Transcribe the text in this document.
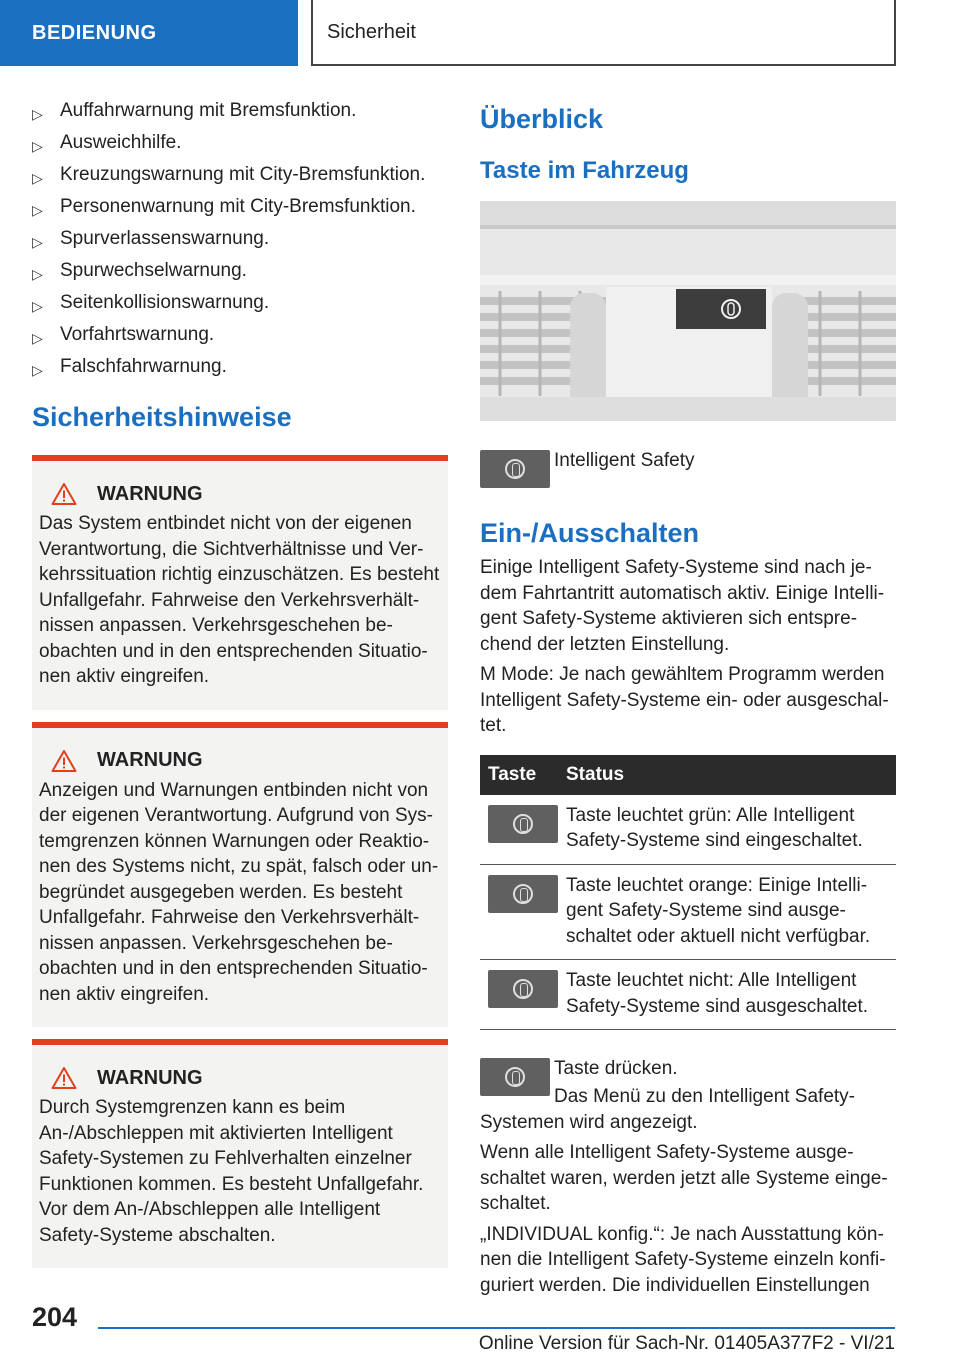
BEDIENUNG	Sicherheit
▷ Auffahrwarnung mit Bremsfunktion.
▷ Ausweichhilfe.
▷ Kreuzungswarnung mit City-Bremsfunktion.
▷ Personenwarnung mit City-Bremsfunktion.
▷ Spurverlassenswarnung.
▷ Spurwechselwarnung.
▷ Seitenkollisionswarnung.
▷ Vorfahrtswarnung.
▷ Falschfahrwarnung.
Sicherheitshinweise
WARNUNG

Das System entbindet nicht von der eigenen Verantwortung, die Sichtverhältnisse und Verkehrssituation richtig einzuschätzen. Es besteht Unfallgefahr. Fahrweise den Verkehrsverhältnissen anpassen. Verkehrsgeschehen beobachten und in den entsprechenden Situationen aktiv eingreifen.

WARNUNG

Anzeigen und Warnungen entbinden nicht von der eigenen Verantwortung. Aufgrund von Systemgrenzen können Warnungen oder Reaktionen des Systems nicht, zu spät, falsch oder unbegründet ausgegeben werden. Es besteht Unfallgefahr. Fahrweise den Verkehrsverhältnissen anpassen. Verkehrsgeschehen beobachten und in den entsprechenden Situationen aktiv eingreifen.

WARNUNG

Durch Systemgrenzen kann es beim An-/Abschleppen mit aktivierten Intelligent Safety-Systemen zu Fehlverhalten einzelner Funktionen kommen. Es besteht Unfallgefahr. Vor dem An-/Abschleppen alle Intelligent Safety-Systeme abschalten.

Überblick
Taste im Fahrzeug
Intelligent Safety
Ein-/Ausschalten

Einige Intelligent Safety-Systeme sind nach jedem Fahrtantritt automatisch aktiv. Einige Intelligent Safety-Systeme aktivieren sich entsprechend der letzten Einstellung.

M Mode: Je nach gewähltem Programm werden Intelligent Safety-Systeme ein- oder ausgeschaltet.

Taste	Status

	Taste leuchtet grün: Alle Intelligent Safety-Systeme sind eingeschaltet.

	Taste leuchtet orange: Einige Intelligent Safety-Systeme sind ausgeschaltet oder aktuell nicht verfügbar.

	Taste leuchtet nicht: Alle Intelligent Safety-Systeme sind ausgeschaltet.

Taste drücken.

Das Menü zu den Intelligent Safety-Systemen wird angezeigt.

Wenn alle Intelligent Safety-Systeme ausgeschaltet waren, werden jetzt alle Systeme eingeschaltet.

„INDIVIDUAL konfig.“: Je nach Ausstattung können die Intelligent Safety-Systeme einzeln konfiguriert werden. Die individuellen Einstellungen

204
Online Version für Sach-Nr. 01405A377F2 - VI/21
